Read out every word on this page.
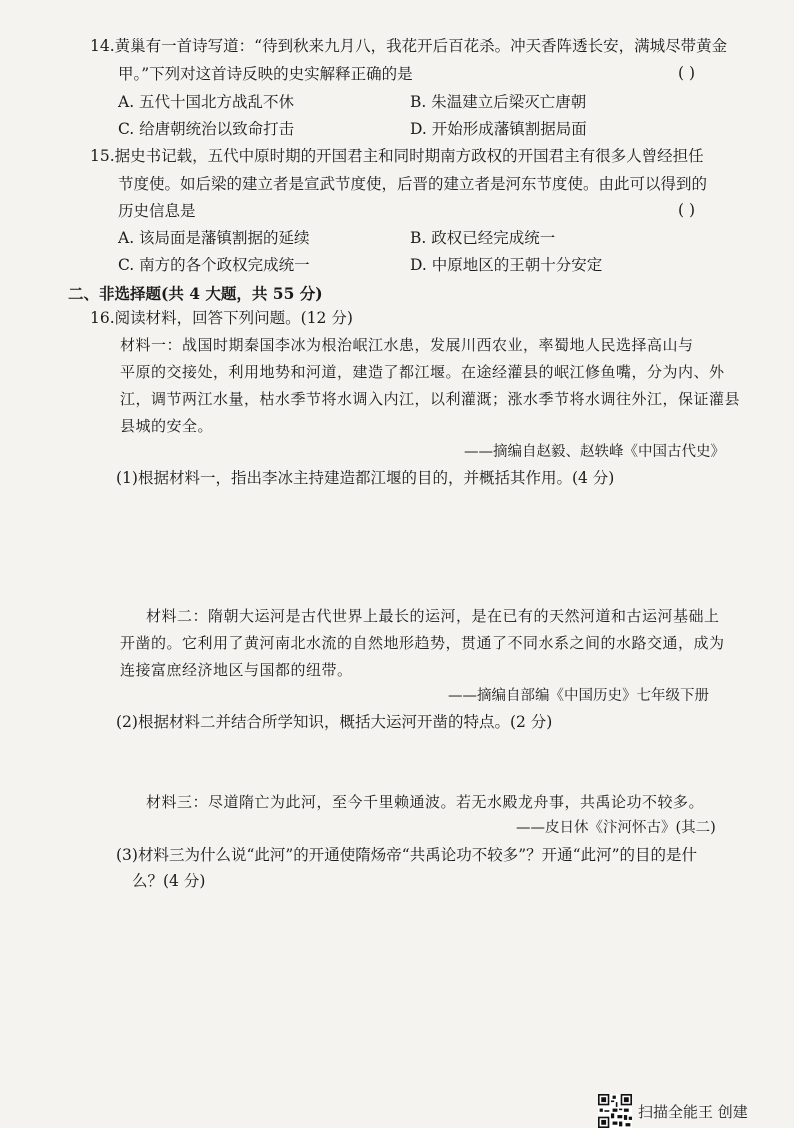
14.黄巢有一首诗写道：“待到秋来九月八，我花开后百花杀。冲天香阵透长安，满城尽带黄金
甲。”下列对这首诗反映的史实解释正确的是	( )
A. 五代十国北方战乱不休	B. 朱温建立后梁灭亡唐朝
C. 给唐朝统治以致命打击	D. 开始形成藩镇割据局面
15.据史书记载，五代中原时期的开国君主和同时期南方政权的开国君主有很多人曾经担任
节度使。如后梁的建立者是宣武节度使，后晋的建立者是河东节度使。由此可以得到的
历史信息是	( )
A. 该局面是藩镇割据的延续	B. 政权已经完成统一
C. 南方的各个政权完成统一	D. 中原地区的王朝十分安定
二、非选择题(共 4 大题，共 55 分)
16.阅读材料，回答下列问题。(12 分)
材料一：战国时期秦国李冰为根治岷江水患，发展川西农业，率蜀地人民选择高山与
平原的交接处，利用地势和河道，建造了都江堰。在途经灌县的岷江修鱼嘴，分为内、外
江，调节两江水量，枯水季节将水调入内江，以利灌溉；涨水季节将水调往外江，保证灌县
县城的安全。
——摘编自赵毅、赵轶峰《中国古代史》
(1)根据材料一，指出李冰主持建造都江堰的目的，并概括其作用。(4 分)
材料二：隋朝大运河是古代世界上最长的运河，是在已有的天然河道和古运河基础上
开凿的。它利用了黄河南北水流的自然地形趋势，贯通了不同水系之间的水路交通，成为
连接富庶经济地区与国都的纽带。
——摘编自部编《中国历史》七年级下册
(2)根据材料二并结合所学知识，概括大运河开凿的特点。(2 分)
材料三：尽道隋亡为此河，至今千里赖通波。若无水殿龙舟事，共禹论功不较多。
——皮日休《汴河怀古》(其二)
(3)材料三为什么说“此河”的开通使隋炀帝“共禹论功不较多”？开通“此河”的目的是什
么？(4 分)
扫描全能王 创建
